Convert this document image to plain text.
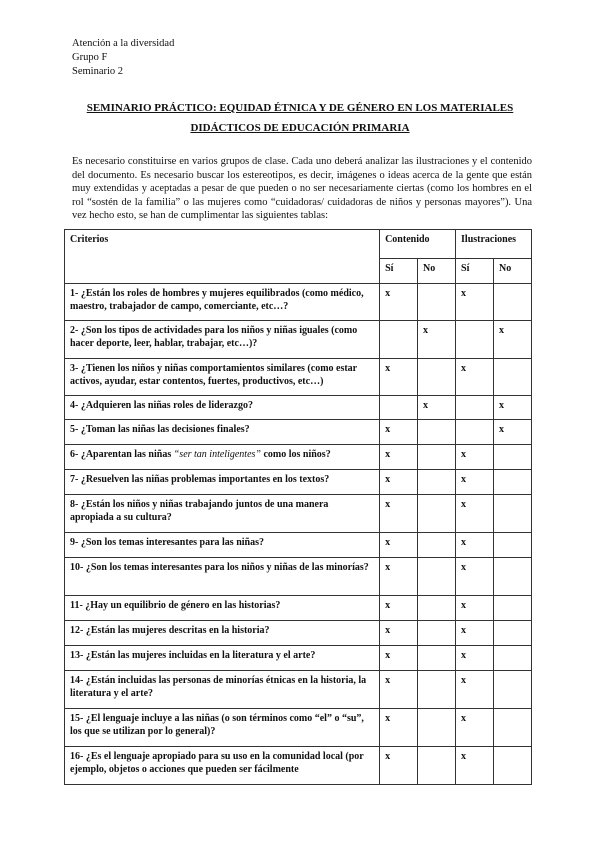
Atención a la diversidad
Grupo F
Seminario 2
SEMINARIO PRÁCTICO: EQUIDAD ÉTNICA Y DE GÉNERO EN LOS MATERIALES
DIDÁCTICOS DE EDUCACIÓN PRIMARIA
Es necesario constituirse en varios grupos de clase. Cada uno deberá analizar las ilustraciones y el contenido del documento. Es necesario buscar los estereotipos, es decir, imágenes o ideas acerca de la gente que están muy extendidas y aceptadas a pesar de que pueden o no ser necesariamente ciertas (como los hombres en el rol “sostén de la familia” o las mujeres como “cuidadoras/ cuidadoras de niños y personas mayores”). Una vez hecho esto, se han de cumplimentar las siguientes tablas:
Criterios	Contenido		Ilustraciones	
	Sí	No	Sí	No
1- ¿Están los roles de hombres y mujeres equilibrados (como médico, maestro, trabajador de campo, comerciante, etc…?	x		x	
2- ¿Son los tipos de actividades para los niños y niñas iguales (como hacer deporte, leer, hablar, trabajar, etc…)?		x		x
3- ¿Tienen los niños y niñas comportamientos similares (como estar activos, ayudar, estar contentos, fuertes, productivos, etc…)	x		x	
4- ¿Adquieren las niñas roles de liderazgo?		x		x
5- ¿Toman las niñas las decisiones finales?	x			x
6- ¿Aparentan las niñas “ser tan inteligentes” como los niños?	x		x	
7- ¿Resuelven las niñas problemas importantes en los textos?	x		x	
8- ¿Están los niños y niñas trabajando juntos de una manera apropiada a su cultura?	x		x	
9- ¿Son los temas interesantes para las niñas?	x		x	
10- ¿Son los temas interesantes para los niños y niñas de las minorías?	x		x	
11- ¿Hay un equilibrio de género en las historias?	x		x	
12- ¿Están las mujeres descritas en la historia?	x		x	
13- ¿Están las mujeres incluidas en la literatura y el arte?	x		x	
14- ¿Están incluidas las personas de minorías étnicas en la historia, la literatura y el arte?	x		x	
15- ¿El lenguaje incluye a las niñas (o son términos como “el” o “su”, los que se utilizan por lo general)?	x		x	
16- ¿Es el lenguaje apropiado para su uso en la comunidad local (por ejemplo, objetos o acciones que pueden ser fácilmente	x		x	
